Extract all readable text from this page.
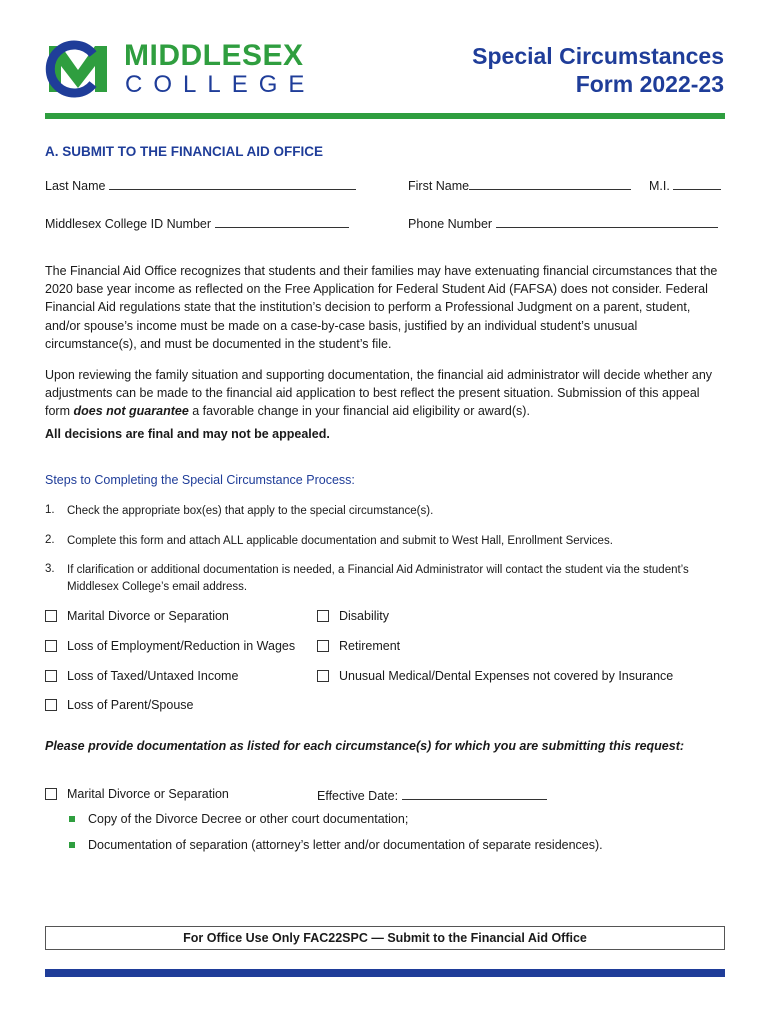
MIDDLESEX
COLLEGE
Special Circumstances
Form 2022-23
A. SUBMIT TO THE FINANCIAL AID OFFICE
Last Name	First Name	M.I.
Middlesex College ID Number	Phone Number

The Financial Aid Office recognizes that students and their families may have extenuating financial circumstances that the 2020 base year income as reflected on the Free Application for Federal Student Aid (FAFSA) does not consider. Federal Financial Aid regulations state that the institution’s decision to perform a Professional Judgment on a parent, student, and/or spouse’s income must be made on a case-by-case basis, justified by an individual student’s unusual circumstance(s), and must be documented in the student’s file.

Upon reviewing the family situation and supporting documentation, the financial aid administrator will decide whether any adjustments can be made to the financial aid application to best reflect the present situation. Submission of this appeal form does not guarantee a favorable change in your financial aid eligibility or award(s).

All decisions are final and may not be appealed.
Steps to Completing the Special Circumstance Process:
1. Check the appropriate box(es) that apply to the special circumstance(s).
2. Complete this form and attach ALL applicable documentation and submit to West Hall, Enrollment Services.
3. If clarification or additional documentation is needed, a Financial Aid Administrator will contact the student via the student’s Middlesex College’s email address.
Marital Divorce or Separation	Disability
Loss of Employment/Reduction in Wages	Retirement
Loss of Taxed/Untaxed Income	Unusual Medical/Dental Expenses not covered by Insurance
Loss of Parent/Spouse
Please provide documentation as listed for each circumstance(s) for which you are submitting this request:
Marital Divorce or Separation	Effective Date:
Copy of the Divorce Decree or other court documentation;
Documentation of separation (attorney’s letter and/or documentation of separate residences).
For Office Use Only FAC22SPC — Submit to the Financial Aid Office
